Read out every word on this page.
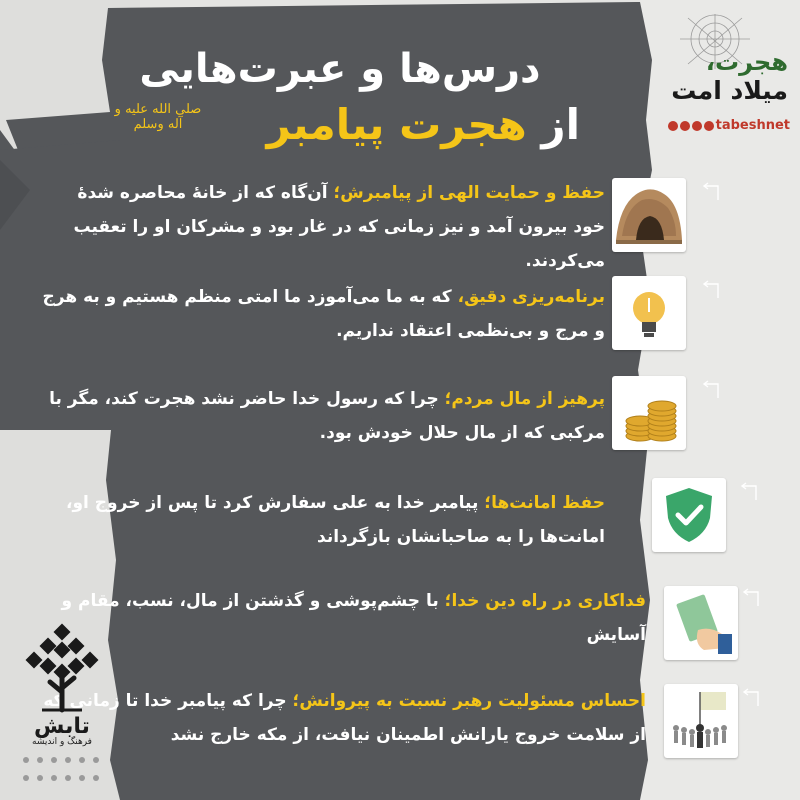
درس‌ها و عبرت‌هایی
از هجرت پیامبر
صلی الله علیه و آله وسلم
هجرت،
میلاد امت
tabeshnet
حفظ و حمایت الهی از پیامبرش؛ آن‌گاه که از خانهٔ محاصره شدهٔ خود بیرون آمد و نیز زمانی که در غار بود و مشرکان او را تعقیب می‌کردند.
برنامه‌ریزی دقیق، که به ما می‌آموزد ما امتی منظم هستیم و به هرج و مرج و بی‌نظمی اعتقاد نداریم.
پرهیز از مال مردم؛ چرا که رسول خدا حاضر نشد هجرت کند، مگر با مرکبی که از مال حلال خودش بود.
حفظ امانت‌ها؛ پیامبر خدا به علی سفارش کرد تا پس از خروج او، امانت‌ها را به صاحبانشان بازگرداند
فداکاری در راه دین خدا؛ با چشم‌پوشی و گذشتن از مال، نسب، مقام و آسایش
احساس مسئولیت رهبر نسبت به پیروانش؛ چرا که پیامبر خدا تا زمانی که از سلامت خروج یارانش اطمینان نیافت، از مکه خارج نشد
تابش
فرهنگ و اندیشه
